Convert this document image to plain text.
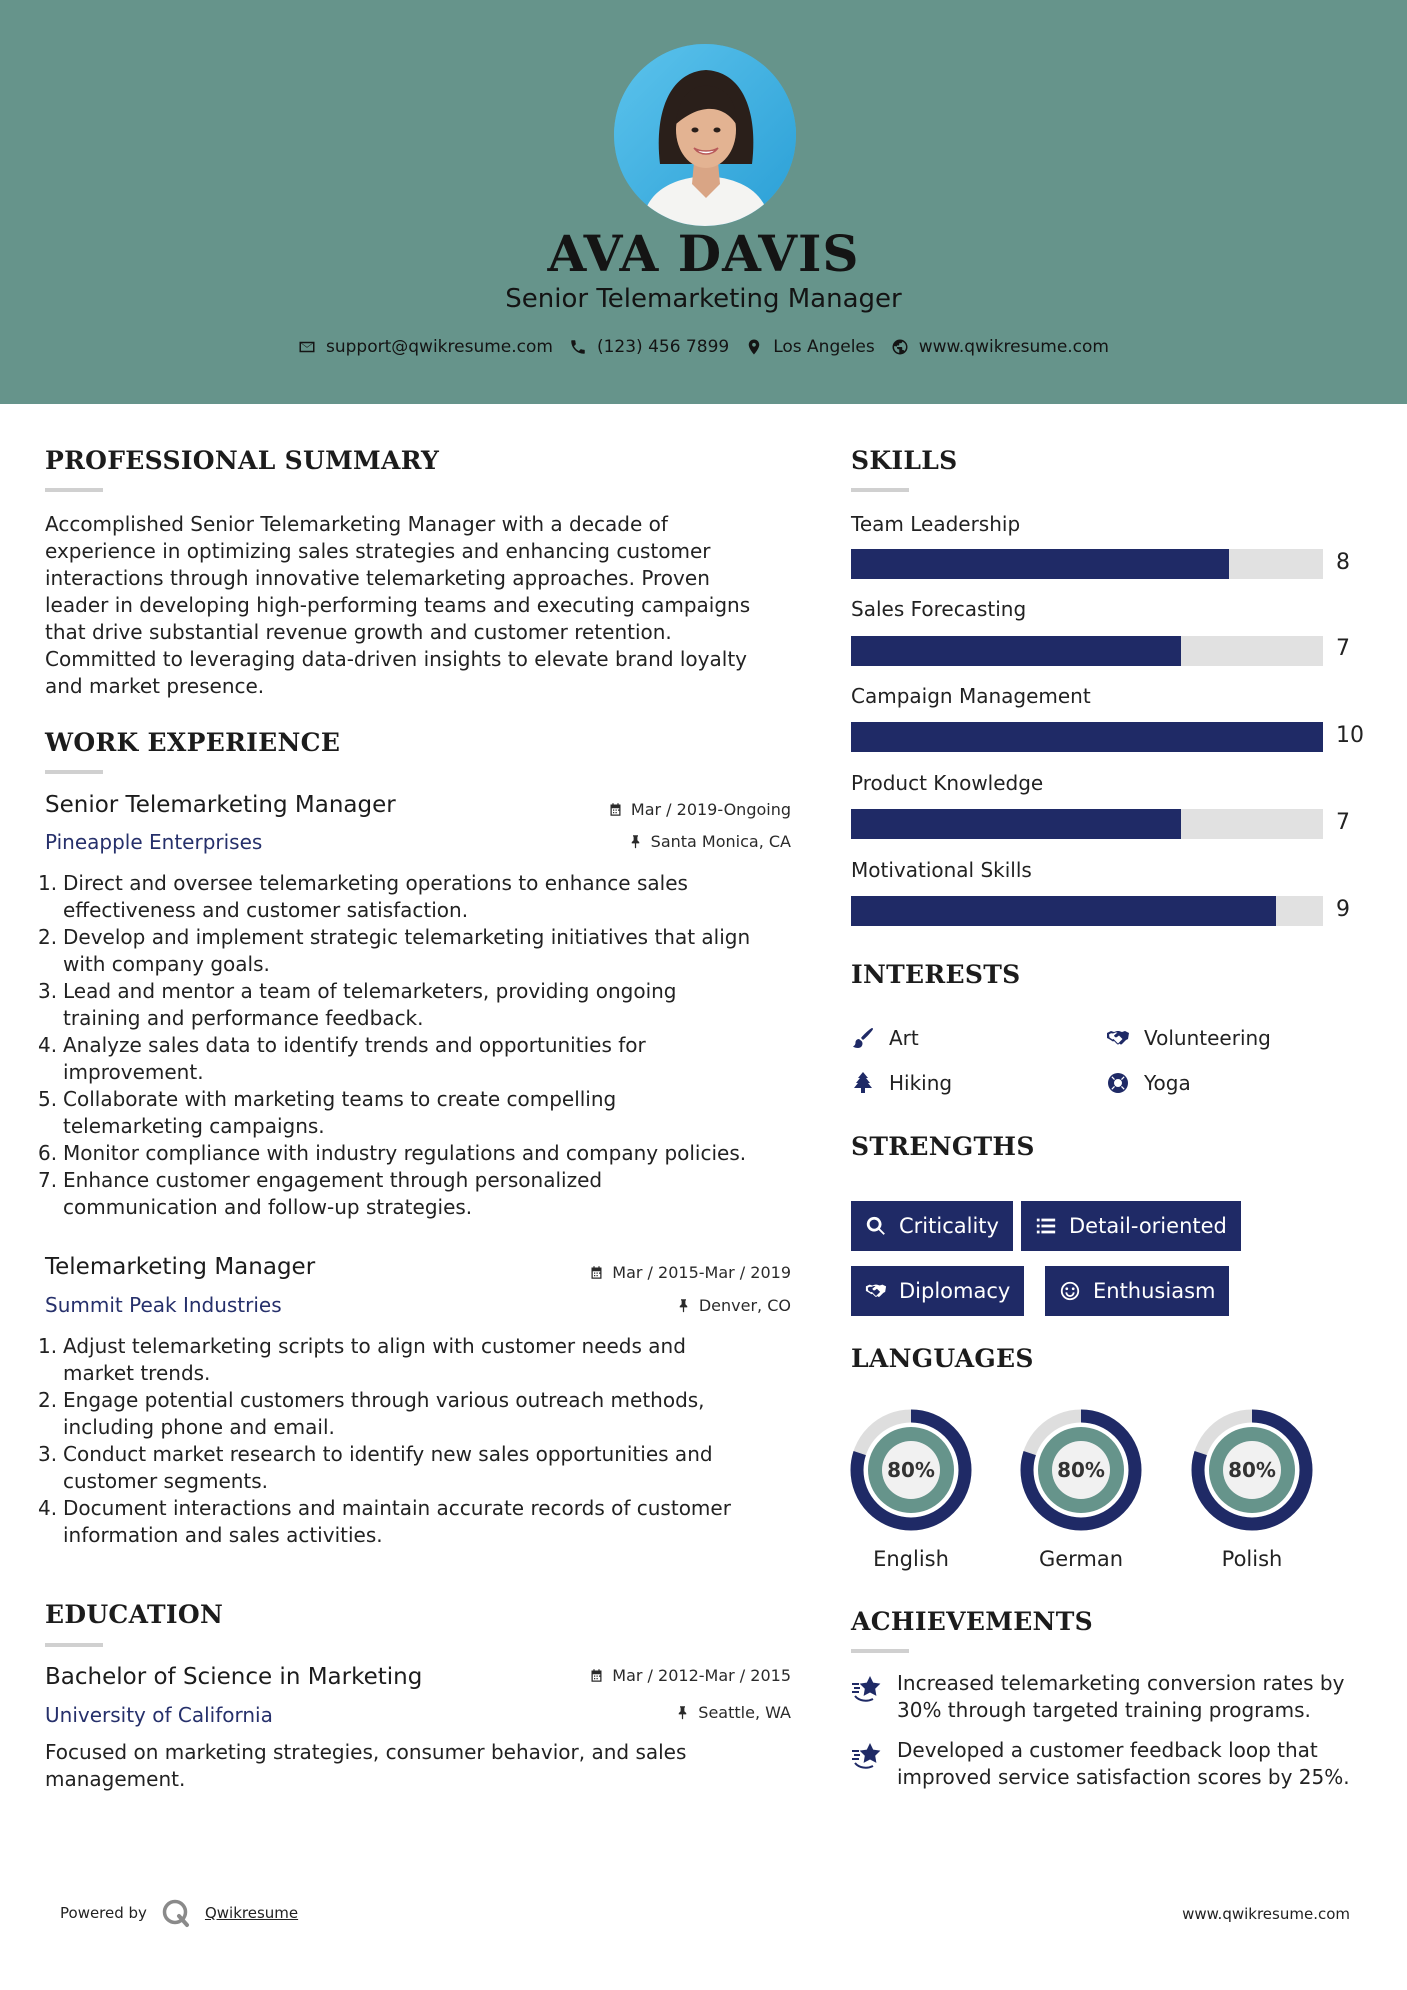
AVA DAVIS
Senior Telemarketing Manager
support@qwikresume.com	(123) 456 7899	Los Angeles	www.qwikresume.com
PROFESSIONAL SUMMARY
Accomplished Senior Telemarketing Manager with a decade of
experience in optimizing sales strategies and enhancing customer
interactions through innovative telemarketing approaches. Proven
leader in developing high-performing teams and executing campaigns
that drive substantial revenue growth and customer retention.
Committed to leveraging data-driven insights to elevate brand loyalty
and market presence.
WORK EXPERIENCE
Senior Telemarketing Manager	Mar / 2019-Ongoing
Pineapple Enterprises	Santa Monica, CA
1. Direct and oversee telemarketing operations to enhance sales
effectiveness and customer satisfaction.
2. Develop and implement strategic telemarketing initiatives that align
with company goals.
3. Lead and mentor a team of telemarketers, providing ongoing
training and performance feedback.
4. Analyze sales data to identify trends and opportunities for
improvement.
5. Collaborate with marketing teams to create compelling
telemarketing campaigns.
6. Monitor compliance with industry regulations and company policies.
7. Enhance customer engagement through personalized
communication and follow-up strategies.
Telemarketing Manager	Mar / 2015-Mar / 2019
Summit Peak Industries	Denver, CO
1. Adjust telemarketing scripts to align with customer needs and
market trends.
2. Engage potential customers through various outreach methods,
including phone and email.
3. Conduct market research to identify new sales opportunities and
customer segments.
4. Document interactions and maintain accurate records of customer
information and sales activities.
EDUCATION
Bachelor of Science in Marketing	Mar / 2012-Mar / 2015
University of California	Seattle, WA
Focused on marketing strategies, consumer behavior, and sales
management.
SKILLS
Team Leadership
8
Sales Forecasting
7
Campaign Management
10
Product Knowledge
7
Motivational Skills
9
INTERESTS
Art	Volunteering
Hiking	Yoga
STRENGTHS
Criticality	Detail-oriented
Diplomacy	Enthusiasm
LANGUAGES
80%
English
80%
German
80%
Polish
ACHIEVEMENTS
Increased telemarketing conversion rates by
30% through targeted training programs.
Developed a customer feedback loop that
improved service satisfaction scores by 25%.
Powered by	Qwikresume	www.qwikresume.com
